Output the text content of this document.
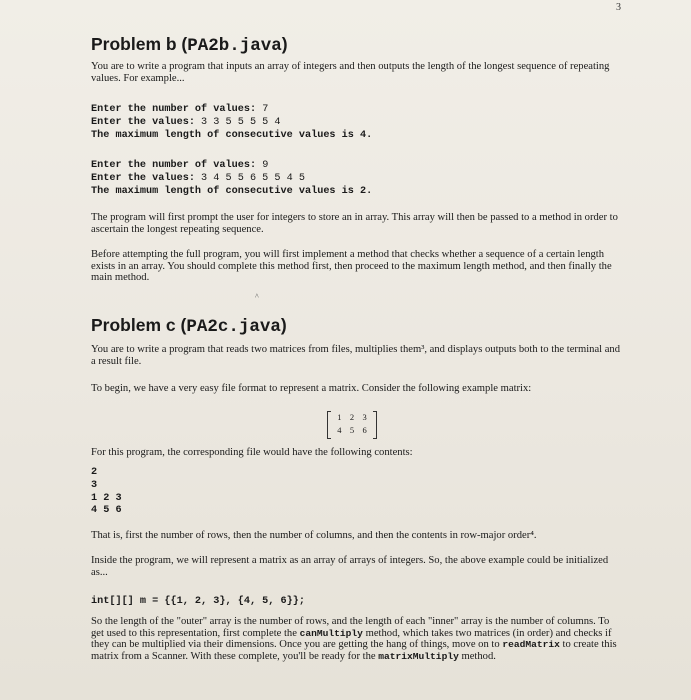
3
Problem b (PA2b.java)
You are to write a program that inputs an array of integers and then outputs the length of the longest sequence of repeating values. For example...
Enter the number of values: 7
Enter the values: 3 3 5 5 5 5 4
The maximum length of consecutive values is 4.
Enter the number of values: 9
Enter the values: 3 4 5 5 6 5 5 4 5
The maximum length of consecutive values is 2.
The program will first prompt the user for integers to store an in array. This array will then be passed to a method in order to ascertain the longest repeating sequence.
Before attempting the full program, you will first implement a method that checks whether a sequence of a certain length exists in an array. You should complete this method first, then proceed to the maximum length method, and then finally the main method.
^
Problem c (PA2c.java)
You are to write a program that reads two matrices from files, multiplies them³, and displays outputs both to the terminal and a result file.
To begin, we have a very easy file format to represent a matrix. Consider the following example matrix:
1 2 3
4 5 6
For this program, the corresponding file would have the following contents:
2
3
1 2 3
4 5 6
That is, first the number of rows, then the number of columns, and then the contents in row-major order⁴.
Inside the program, we will represent a matrix as an array of arrays of integers. So, the above example could be initialized as...
int[][] m = {{1, 2, 3}, {4, 5, 6}};
So the length of the "outer" array is the number of rows, and the length of each "inner" array is the number of columns. To get used to this representation, first complete the canMultiply method, which takes two matrices (in order) and checks if they can be multiplied via their dimensions. Once you are getting the hang of things, move on to readMatrix to create this matrix from a Scanner. With these complete, you'll be ready for the matrixMultiply method.
